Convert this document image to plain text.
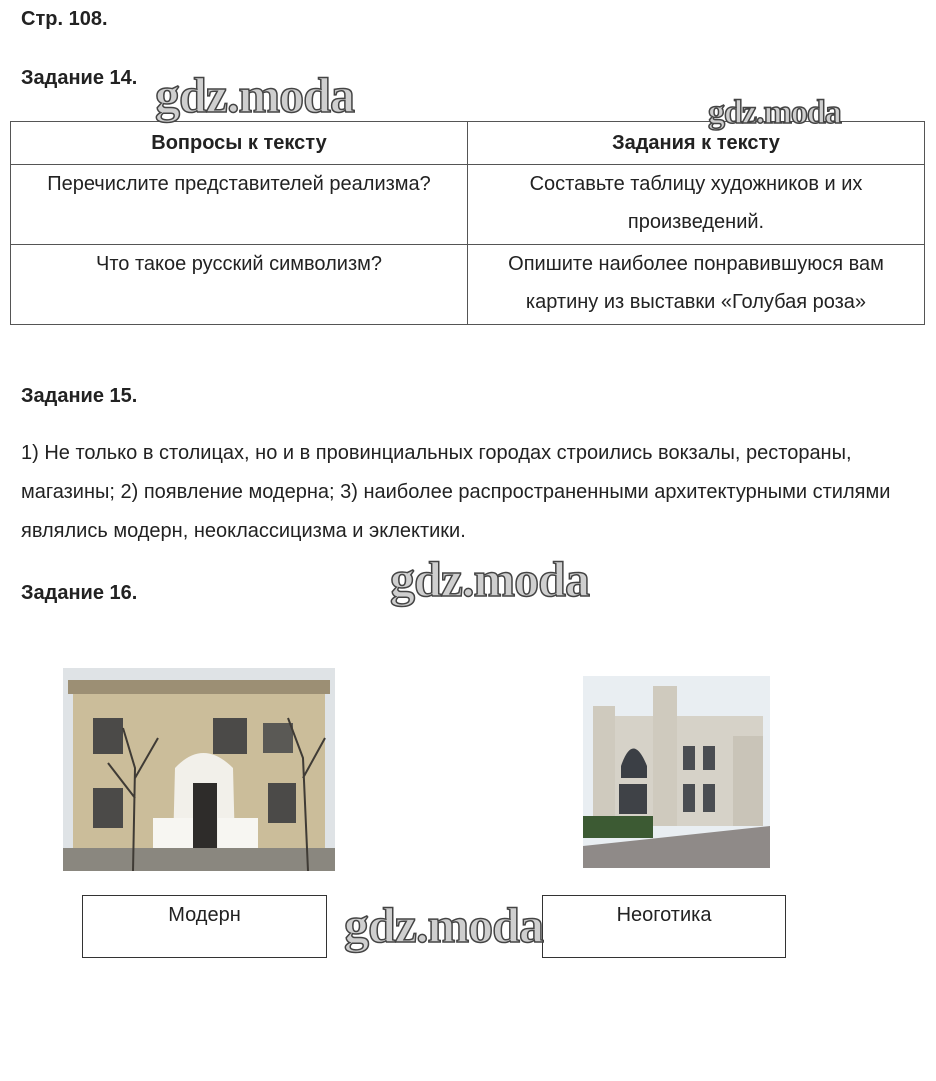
Стр. 108.
Задание 14.
Вопросы к тексту	Задания к тексту
Перечислите представителей реализма?	Составьте таблицу художников и их произведений.
Что такое русский символизм?	Опишите наиболее понравившуюся вам картину из выставки «Голубая роза»
Задание 15.
1) Не только в столицах, но и в провинциальных городах строились вокзалы, рестораны, магазины; 2) появление модерна; 3) наиболее распространенными архитектурными стилями являлись модерн, неоклассицизма и эклектики.
Задание 16.
Модерн	Неоготика
gdz.moda	gdz.moda
gdz.moda
gdz.moda
